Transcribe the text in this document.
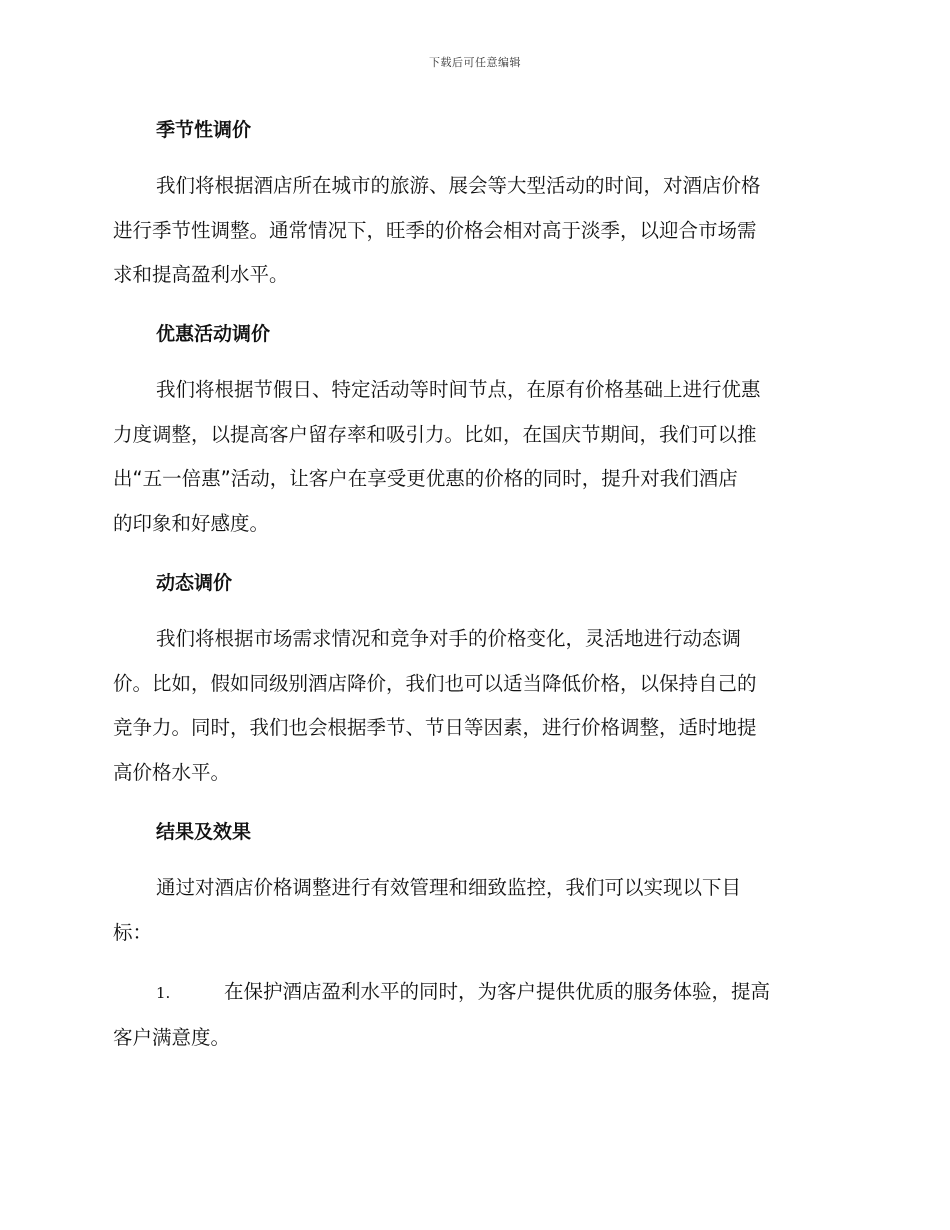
下载后可任意编辑
季节性调价
我们将根据酒店所在城市的旅游、展会等大型活动的时间，对酒店价格
进行季节性调整。通常情况下，旺季的价格会相对高于淡季，以迎合市场需
求和提高盈利水平。
优惠活动调价
我们将根据节假日、特定活动等时间节点，在原有价格基础上进行优惠
力度调整，以提高客户留存率和吸引力。比如，在国庆节期间，我们可以推
出“五一倍惠”活动，让客户在享受更优惠的价格的同时，提升对我们酒店
的印象和好感度。
动态调价
我们将根据市场需求情况和竞争对手的价格变化，灵活地进行动态调
价。比如，假如同级别酒店降价，我们也可以适当降低价格，以保持自己的
竞争力。同时，我们也会根据季节、节日等因素，进行价格调整，适时地提
高价格水平。
结果及效果
通过对酒店价格调整进行有效管理和细致监控，我们可以实现以下目
标：
1.	在保护酒店盈利水平的同时，为客户提供优质的服务体验，提高
客户满意度。
